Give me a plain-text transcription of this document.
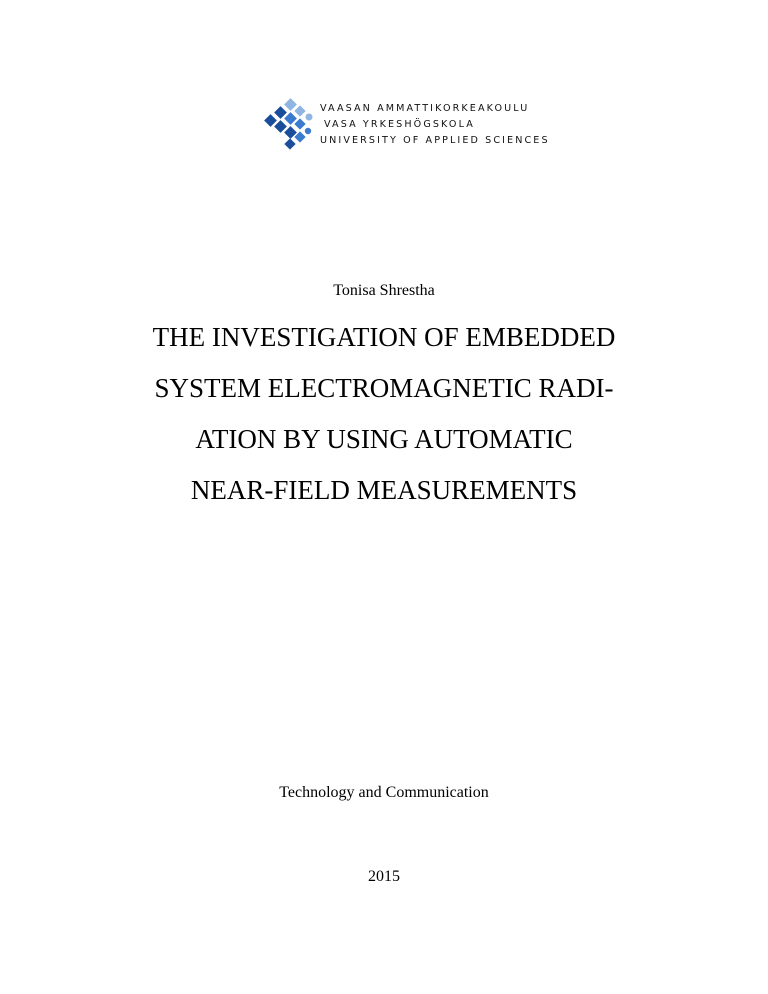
VAASAN AMMATTIKORKEAKOULU
VASA YRKESHÖGSKOLA
UNIVERSITY OF APPLIED SCIENCES
Tonisa Shrestha
THE INVESTIGATION OF EMBEDDED
SYSTEM ELECTROMAGNETIC RADI-
ATION BY USING AUTOMATIC
NEAR-FIELD MEASUREMENTS
Technology and Communication
2015
